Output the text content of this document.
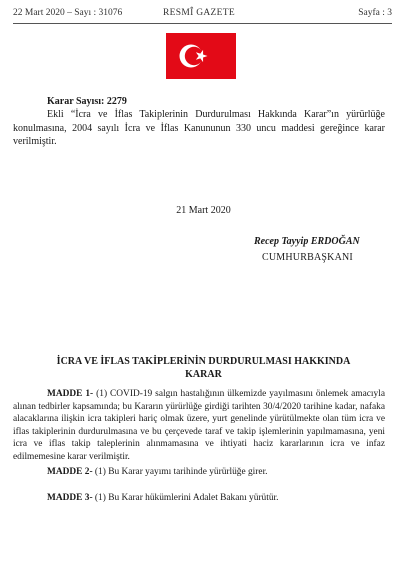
22 Mart 2020 – Sayı : 31076	RESMÎ GAZETE	Sayfa : 3
Karar Sayısı: 2279
Ekli “İcra ve İflas Takiplerinin Durdurulması Hakkında Karar”ın yürürlüğe konulmasına, 2004 sayılı İcra ve İflas Kanununun 330 uncu maddesi gereğince karar verilmiştir.
21 Mart 2020
Recep Tayyip ERDOĞAN
CUMHURBAŞKANI
İCRA VE İFLAS TAKİPLERİNİN DURDURULMASI HAKKINDA
KARAR
MADDE 1- (1) COVID-19 salgın hastalığının ülkemizde yayılmasını önlemek amacıyla alınan tedbirler kapsamında; bu Kararın yürürlüğe girdiği tarihten 30/4/2020 tarihine kadar, nafaka alacaklarına ilişkin icra takipleri hariç olmak üzere, yurt genelinde yürütülmekte olan tüm icra ve iflas takiplerinin durdurulmasına ve bu çerçevede taraf ve takip işlemlerinin yapılmamasına, yeni icra ve iflas takip taleplerinin alınmamasına ve ihtiyati haciz kararlarının icra ve infaz edilmemesine karar verilmiştir.
MADDE 2- (1) Bu Karar yayımı tarihinde yürürlüğe girer.
MADDE 3- (1) Bu Karar hükümlerini Adalet Bakanı yürütür.
